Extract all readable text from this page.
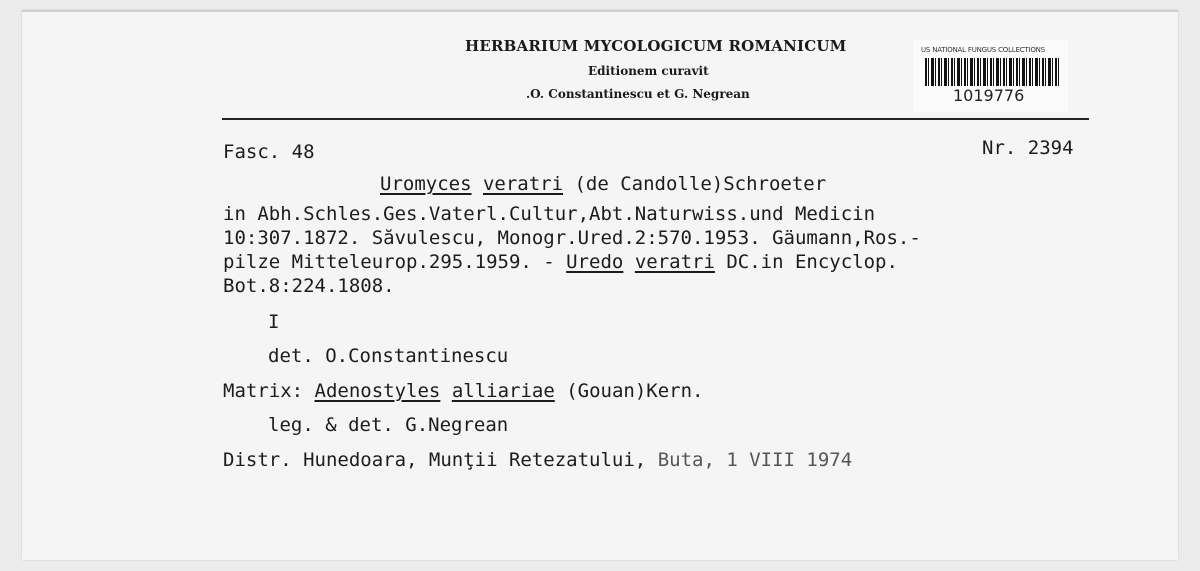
HERBARIUM MYCOLOGICUM ROMANICUM
Editionem curavit
.O. Constantinescu et G. Negrean
US NATIONAL FUNGUS COLLECTIONS
1019776
Fasc. 48	Nr. 2394
Uromyces veratri (de Candolle)Schroeter
in Abh.Schles.Ges.Vaterl.Cultur,Abt.Naturwiss.und Medicin
10:307.1872. Săvulescu, Monogr.Ured.2:570.1953. Gäumann,Ros.-
pilze Mitteleurop.295.1959. - Uredo veratri DC.in Encyclop.
Bot.8:224.1808.
I
det. O.Constantinescu
Matrix: Adenostyles alliariae (Gouan)Kern.
leg. & det. G.Negrean
Distr. Hunedoara, Munţii Retezatului, Buta, 1 VIII 1974
